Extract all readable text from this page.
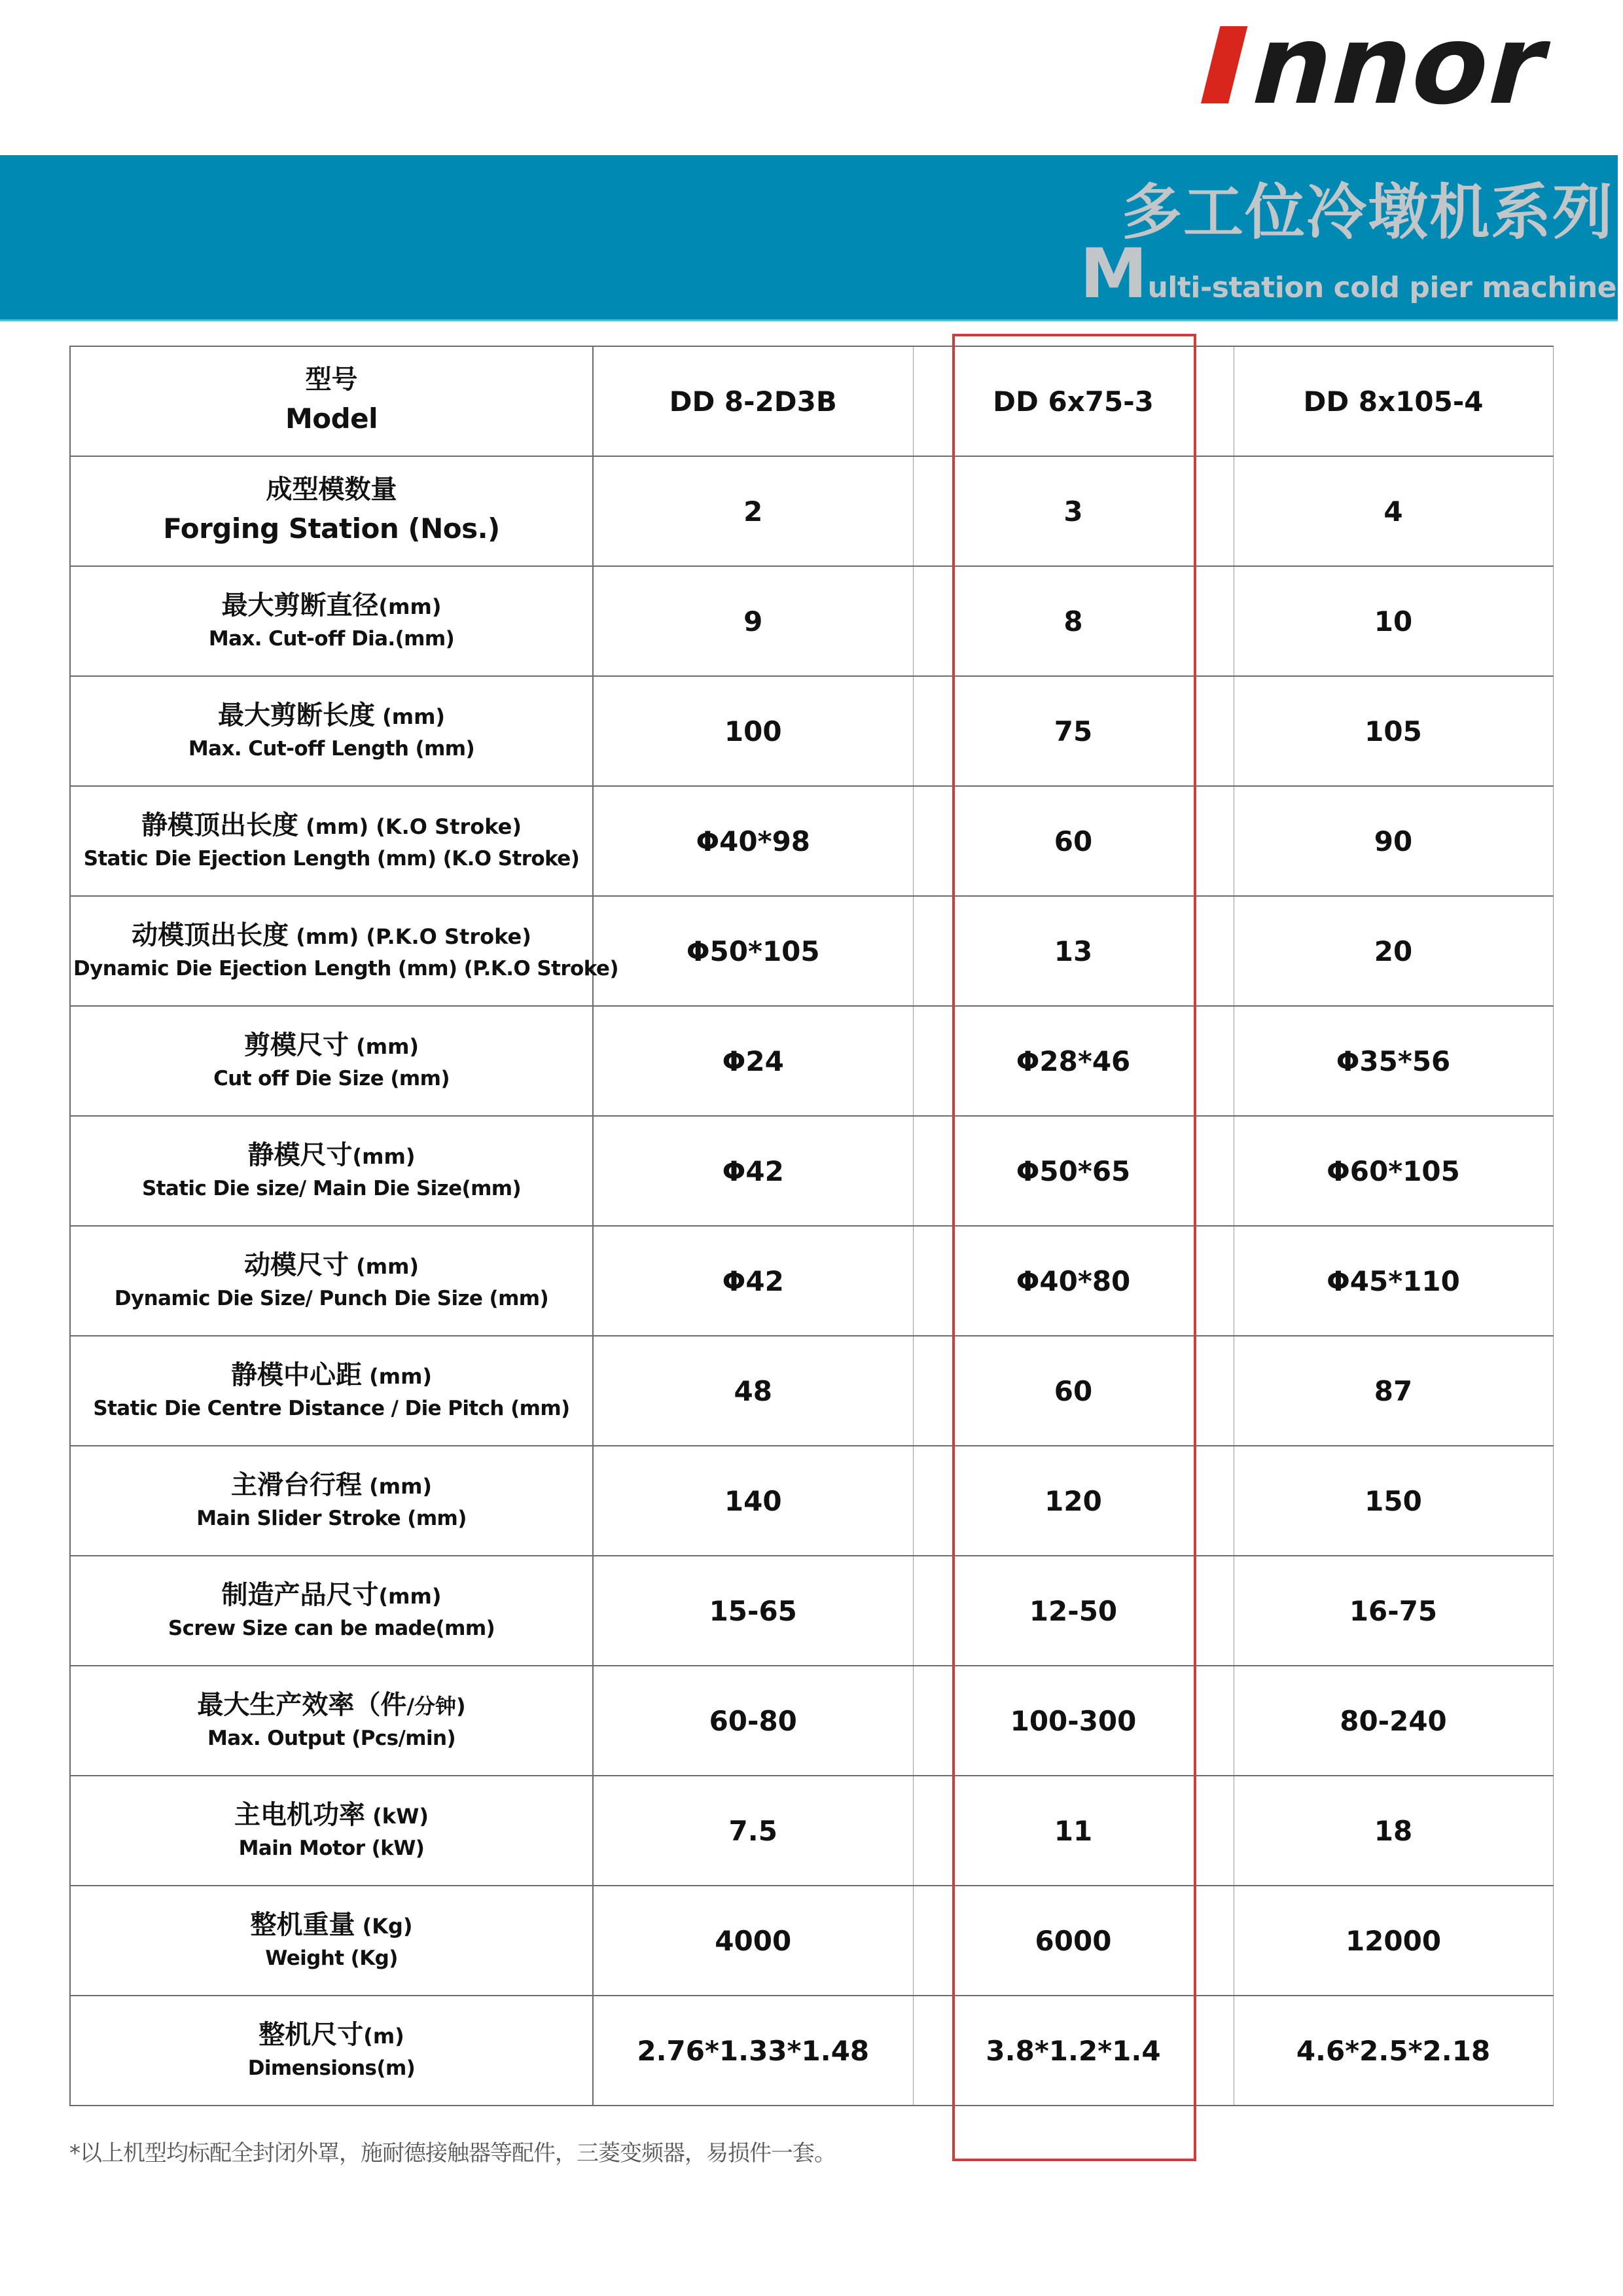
nnor
多工位冷墩机系列
M ulti-station cold pier machine
型号
Model	DD 8-2D3B	DD 6x75-3	DD 8x105-4

成型模数量
Forging Station (Nos.)	2	3	4

最大剪断直径(mm)
Max. Cut-off Dia.(mm)	9	8	10

最大剪断长度 (mm)
Max. Cut-off Length (mm)	100	75	105

静模顶出长度 (mm) (K.O Stroke)
Static Die Ejection Length (mm) (K.O Stroke)	Φ40*98	60	90

动模顶出长度 (mm) (P.K.O Stroke)
Dynamic Die Ejection Length (mm) (P.K.O Stroke)	Φ50*105	13	20

剪模尺寸 (mm)
Cut off Die Size (mm)	Φ24	Φ28*46	Φ35*56

静模尺寸(mm)
Static Die size/ Main Die Size(mm)	Φ42	Φ50*65	Φ60*105

动模尺寸 (mm)
Dynamic Die Size/ Punch Die Size (mm)	Φ42	Φ40*80	Φ45*110

静模中心距 (mm)
Static Die Centre Distance / Die Pitch (mm)	48	60	87

主滑台行程 (mm)
Main Slider Stroke (mm)	140	120	150

制造产品尺寸(mm)
Screw Size can be made(mm)	15-65	12-50	16-75

最大生产效率（件/分钟)
Max. Output (Pcs/min)	60-80	100-300	80-240

主电机功率 (kW)
Main Motor (kW)	7.5	11	18

整机重量 (Kg)
Weight (Kg)	4000	6000	12000

整机尺寸(m)
Dimensions(m)	2.76*1.33*1.48	3.8*1.2*1.4	4.6*2.5*2.18
*以上机型均标配全封闭外罩，施耐德接触器等配件，三菱变频器，易损件一套。
